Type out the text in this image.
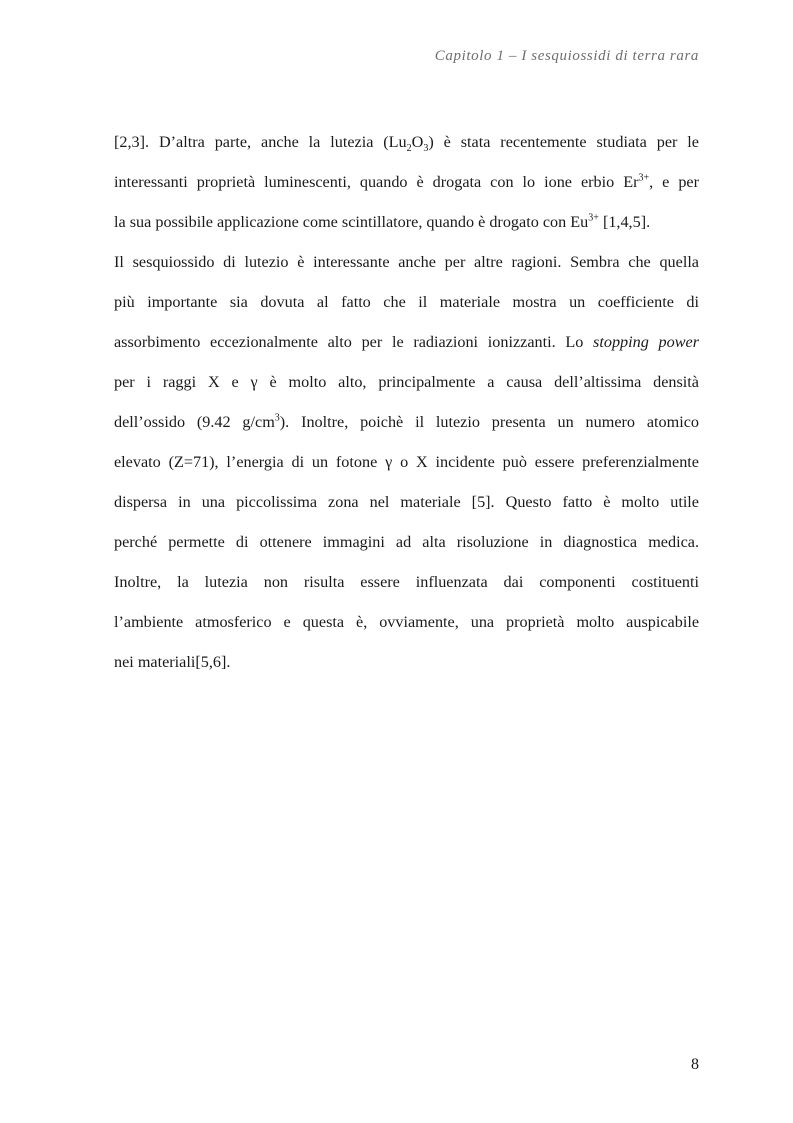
Capitolo 1 – I sesquiossidi di terra rara
[2,3]. D’altra parte, anche la lutezia $(Lu_2O_3)$ è stata recentemente studiata per le
interessanti proprietà luminescenti, quando è drogata con lo ione erbio $Er^{3+}$, e per
la sua possibile applicazione come scintillatore, quando è drogato con $Eu^{3+}$ [1,4,5].
Il sesquiossido di lutezio è interessante anche per altre ragioni. Sembra che quella
più importante sia dovuta al fatto che il materiale mostra un coefficiente di
assorbimento eccezionalmente alto per le radiazioni ionizzanti. Lo stopping power
per i raggi X e γ è molto alto, principalmente a causa dell’altissima densità
dell’ossido (9.42 $g/cm^3$). Inoltre, poichè il lutezio presenta un numero atomico
elevato (Z=71), l’energia di un fotone γ o X incidente può essere preferenzialmente
dispersa in una piccolissima zona nel materiale [5]. Questo fatto è molto utile
perché permette di ottenere immagini ad alta risoluzione in diagnostica medica.
Inoltre, la lutezia non risulta essere influenzata dai componenti costituenti
l’ambiente atmosferico e questa è, ovviamente, una proprietà molto auspicabile
nei materiali[5,6].
8
